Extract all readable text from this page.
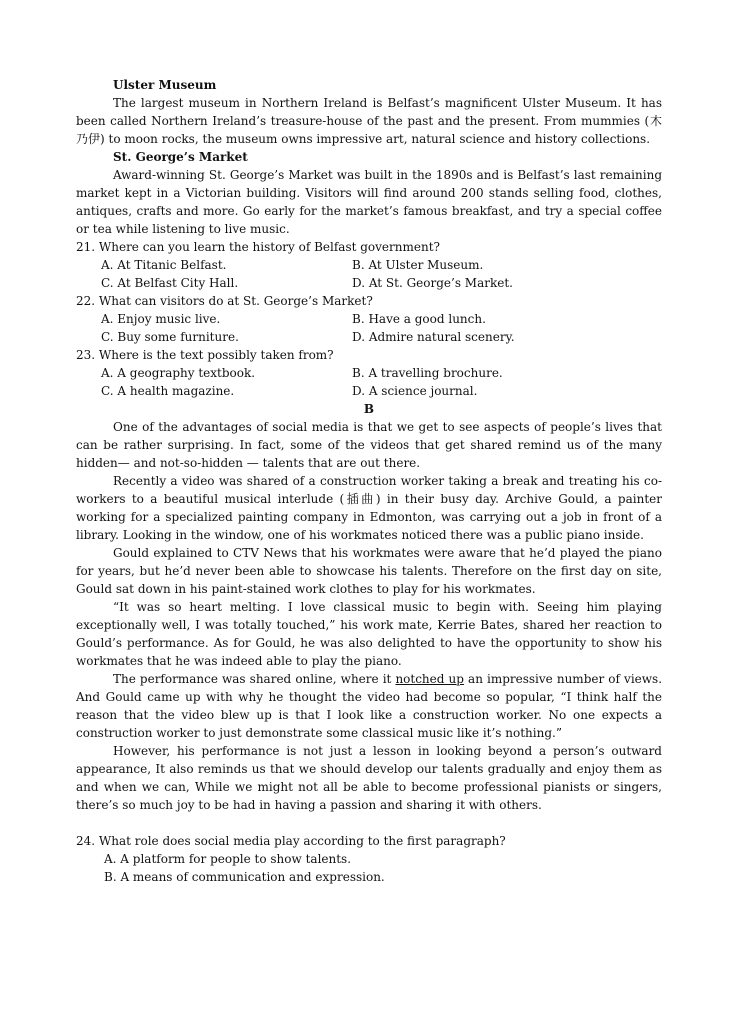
Ulster Museum

The largest museum in Northern Ireland is Belfast’s magnificent Ulster Museum. It has been called Northern Ireland’s treasure-house of the past and the present. From mummies (木乃伊) to moon rocks, the museum owns impressive art, natural science and history collections.

St. George’s Market

Award-winning St. George’s Market was built in the 1890s and is Belfast’s last remaining market kept in a Victorian building. Visitors will find around 200 stands selling food, clothes, antiques, crafts and more. Go early for the market’s famous breakfast, and try a special coffee or tea while listening to live music.

21. Where can you learn the history of Belfast government?

A. At Titanic Belfast.	B. At Ulster Museum.
C. At Belfast City Hall.	D. At St. George’s Market.

22. What can visitors do at St. George’s Market?

A. Enjoy music live.	B. Have a good lunch.
C. Buy some furniture.	D. Admire natural scenery.

23. Where is the text possibly taken from?

A. A geography textbook.	B. A travelling brochure.
C. A health magazine.	D. A science journal.

B

One of the advantages of social media is that we get to see aspects of people’s lives that can be rather surprising. In fact, some of the videos that get shared remind us of the many hidden— and not-so-hidden — talents that are out there.

Recently a video was shared of a construction worker taking a break and treating his co-workers to a beautiful musical interlude (插曲) in their busy day. Archive Gould, a painter working for a specialized painting company in Edmonton, was carrying out a job in front of a library. Looking in the window, one of his workmates noticed there was a public piano inside.

Gould explained to CTV News that his workmates were aware that he’d played the piano for years, but he’d never been able to showcase his talents. Therefore on the first day on site, Gould sat down in his paint-stained work clothes to play for his workmates.

“It was so heart melting. I love classical music to begin with. Seeing him playing exceptionally well, I was totally touched,” his work mate, Kerrie Bates, shared her reaction to Gould’s performance. As for Gould, he was also delighted to have the opportunity to show his workmates that he was indeed able to play the piano.

The performance was shared online, where it notched up an impressive number of views. And Gould came up with why he thought the video had become so popular, “I think half the reason that the video blew up is that I look like a construction worker. No one expects a construction worker to just demonstrate some classical music like it’s nothing.”

However, his performance is not just a lesson in looking beyond a person’s outward appearance, It also reminds us that we should develop our talents gradually and enjoy them as and when we can, While we might not all be able to become professional pianists or singers, there’s so much joy to be had in having a passion and sharing it with others.

24. What role does social media play according to the first paragraph?

A. A platform for people to show talents.

B. A means of communication and expression.
